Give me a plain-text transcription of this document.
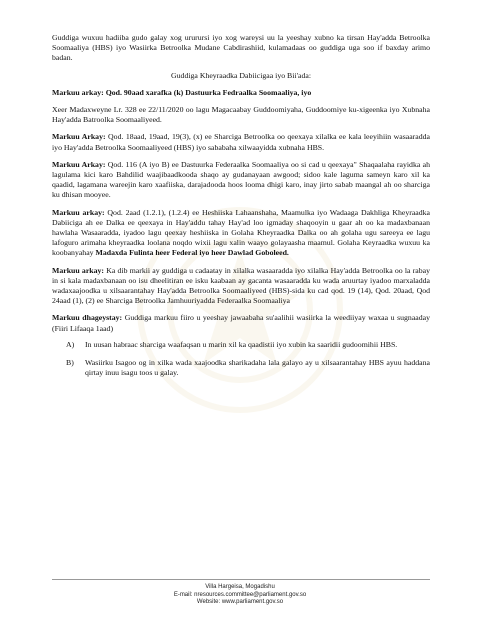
Guddiga wuxuu hadiiba gudo galay xog ururursi iyo xog wareysi uu la yeeshay xubno ka tirsan Hay'adda Betroolka Soomaaliya (HBS) iyo Wasiirka Betroolka Mudane Cabdirashiid, kulamadaas oo guddiga uga soo if baxday arimo badan.

Guddiga Kheyraadka Dabiicigaa iyo Bii'ada:

Markuu arkay: Qod. 90aad xarafka (k) Dastuurka Fedraalka Soomaaliya, iyo

Xeer Madaxweyne Lr. 328 ee 22/11/2020 oo lagu Magacaabay Guddoomiyaha, Guddoomiye ku-xigeenka iyo Xubnaha Hay'adda Batroolka Soomaaliyeed.

Markuu Arkay: Qod. 18aad, 19aad, 19(3), (x) ee Sharciga Betroolka oo qeexaya xilalka ee kala leeyihiin wasaaradda iyo Hay'adda Betroolka Soomaaliyeed (HBS) iyo sababaha xilwaayidda xubnaha HBS.

Markuu Arkay: Qod. 116 (A iyo B) ee Dastuurka Federaalka Soomaaliya oo si cad u qeexaya" Shaqaalaha rayidka ah lagulama kici karo Bahdilid waajibaadkooda shaqo ay gudanayaan awgood; sidoo kale laguma sameyn karo xil ka qaadid, lagamana wareejin karo xaafiiska, darajadooda hoos looma dhigi karo, inay jirto sabab maangal ah oo sharciga ku dhisan mooyee.

Markuu arkay: Qod. 2aad (1.2.1), (1.2.4) ee Heshiiska Lahaanshaha, Maamulka iyo Wadaaga Dakhliga Kheyraadka Dabiiciga ah ee Dalka ee qeexaya in Hay'addu tahay Hay'ad loo igmaday shaqooyin u gaar ah oo ka madaxbanaan hawlaha Wasaaradda, iyadoo lagu qeexay heshiiska in Golaha Kheyraadka Dalka oo ah golaha ugu sareeya ee lagu lafoguro arimaha kheyraadka loolana noqdo wixii lagu xalin waayo golayaasha maamul. Golaha Keyraadka wuxuu ka koobanyahay Madaxda Fulinta heer Federal iyo heer Dawlad Goboleed.

Markuu arkay: Ka dib markii ay guddiga u cadaatay in xilalka wasaaradda iyo xilalka Hay'adda Betroolka oo la rabay in si kala madaxbanaan oo isu dheelitiran ee isku kaabaan ay gacanta wasaaradda ku wada aruurtay iyadoo marxaladda wadaxaajoodka u xilsaarantahay Hay'adda Betroolka Soomaaliyeed (HBS)-sida ku cad qod. 19 (14), Qod. 20aad, Qod 24aad (1), (2) ee Sharciga Betroolka Jamhuuriyadda Federaalka Soomaaliya

Markuu dhageystay: Guddiga markuu fiiro u yeeshay jawaabaha su'aalihii wasiirka la weediiyay waxaa u sugnaaday (Fiiri Lifaaqa 1aad)

A)	In uusan habraac sharciga waafaqsan u marin xil ka qaadistii iyo xubin ka saaridii gudoomihii HBS.
B)	Wasiirku Isagoo og in xilka wada xaajoodka sharikadaha lala galayo ay u xilsaarantahay HBS ayuu haddana qirtay inuu isagu toos u galay.
Villa Hargeisa, Mogadishu
E-mail: nresources.committee@parliament.gov.so
Website: www.parliament.gov.so
